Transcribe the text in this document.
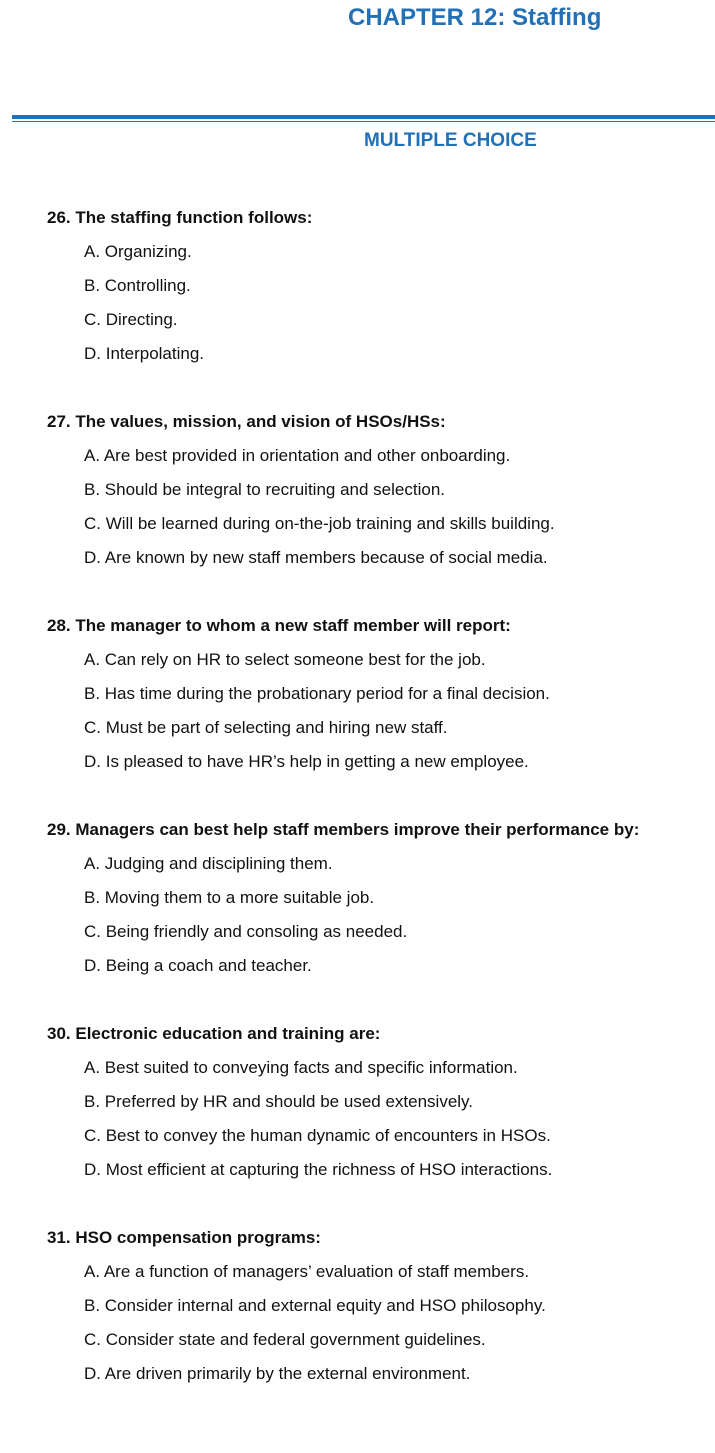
CHAPTER 12: Staffing
MULTIPLE CHOICE
26. The staffing function follows:
A. Organizing.
B. Controlling.
C. Directing.
D. Interpolating.
27. The values, mission, and vision of HSOs/HSs:
A. Are best provided in orientation and other onboarding.
B. Should be integral to recruiting and selection.
C. Will be learned during on-the-job training and skills building.
D. Are known by new staff members because of social media.
28. The manager to whom a new staff member will report:
A. Can rely on HR to select someone best for the job.
B. Has time during the probationary period for a final decision.
C. Must be part of selecting and hiring new staff.
D. Is pleased to have HR’s help in getting a new employee.
29. Managers can best help staff members improve their performance by:
A. Judging and disciplining them.
B. Moving them to a more suitable job.
C. Being friendly and consoling as needed.
D. Being a coach and teacher.
30. Electronic education and training are:
A. Best suited to conveying facts and specific information.
B. Preferred by HR and should be used extensively.
C. Best to convey the human dynamic of encounters in HSOs.
D. Most efficient at capturing the richness of HSO interactions.
31. HSO compensation programs:
A. Are a function of managers’ evaluation of staff members.
B. Consider internal and external equity and HSO philosophy.
C. Consider state and federal government guidelines.
D. Are driven primarily by the external environment.
